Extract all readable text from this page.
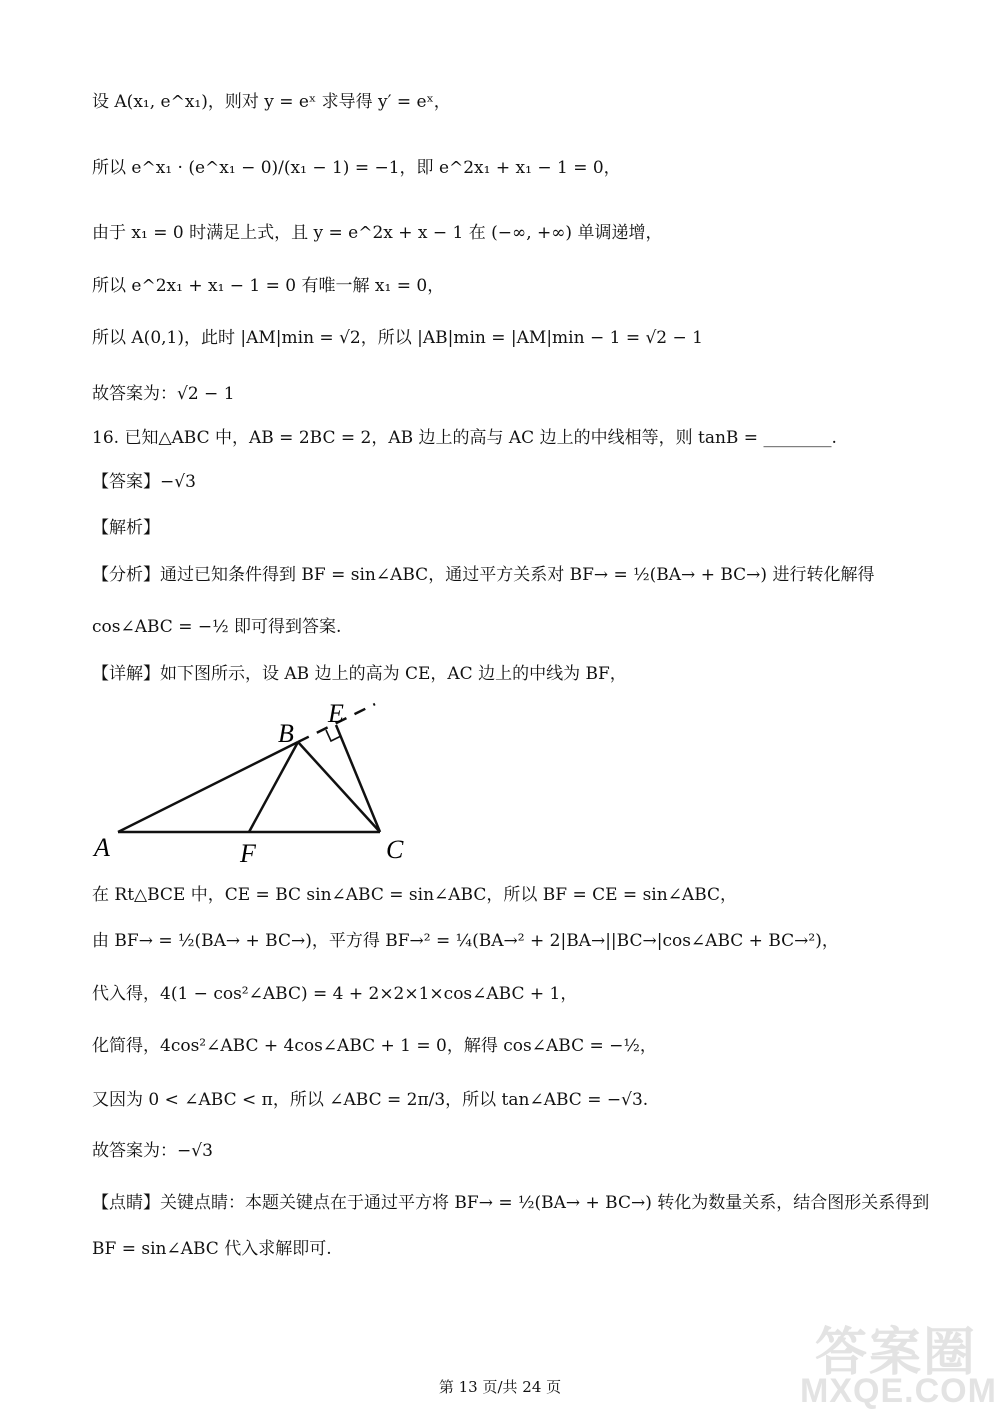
设 A(x₁, e^x₁)，则对 y = eˣ 求导得 y′ = eˣ，
所以 e^x₁ · (e^x₁ − 0)/(x₁ − 1) = −1，即 e^2x₁ + x₁ − 1 = 0，
由于 x₁ = 0 时满足上式，且 y = e^2x + x − 1 在 (−∞, +∞) 单调递增，
所以 e^2x₁ + x₁ − 1 = 0 有唯一解 x₁ = 0，
所以 A(0,1)，此时 |AM|min = √2，所以 |AB|min = |AM|min − 1 = √2 − 1
故答案为：√2 − 1
16. 已知△ABC 中，AB = 2BC = 2，AB 边上的高与 AC 边上的中线相等，则 tanB = ________.
【答案】−√3
【解析】
【分析】通过已知条件得到 BF = sin∠ABC，通过平方关系对 BF→ = ½(BA→ + BC→) 进行转化解得
cos∠ABC = −½ 即可得到答案.
【详解】如下图所示，设 AB 边上的高为 CE，AC 边上的中线为 BF，
B
E
A	F	C
在 Rt△BCE 中，CE = BC sin∠ABC = sin∠ABC，所以 BF = CE = sin∠ABC，
由 BF→ = ½(BA→ + BC→)，平方得 BF→² = ¼(BA→² + 2|BA→||BC→|cos∠ABC + BC→²)，
代入得，4(1 − cos²∠ABC) = 4 + 2×2×1×cos∠ABC + 1，
化简得，4cos²∠ABC + 4cos∠ABC + 1 = 0，解得 cos∠ABC = −½，
又因为 0 < ∠ABC < π，所以 ∠ABC = 2π/3，所以 tan∠ABC = −√3.
故答案为：−√3
【点睛】关键点睛：本题关键点在于通过平方将 BF→ = ½(BA→ + BC→) 转化为数量关系，结合图形关系得到
BF = sin∠ABC 代入求解即可.
第 13 页/共 24 页
答案圈
MXQE.COM
